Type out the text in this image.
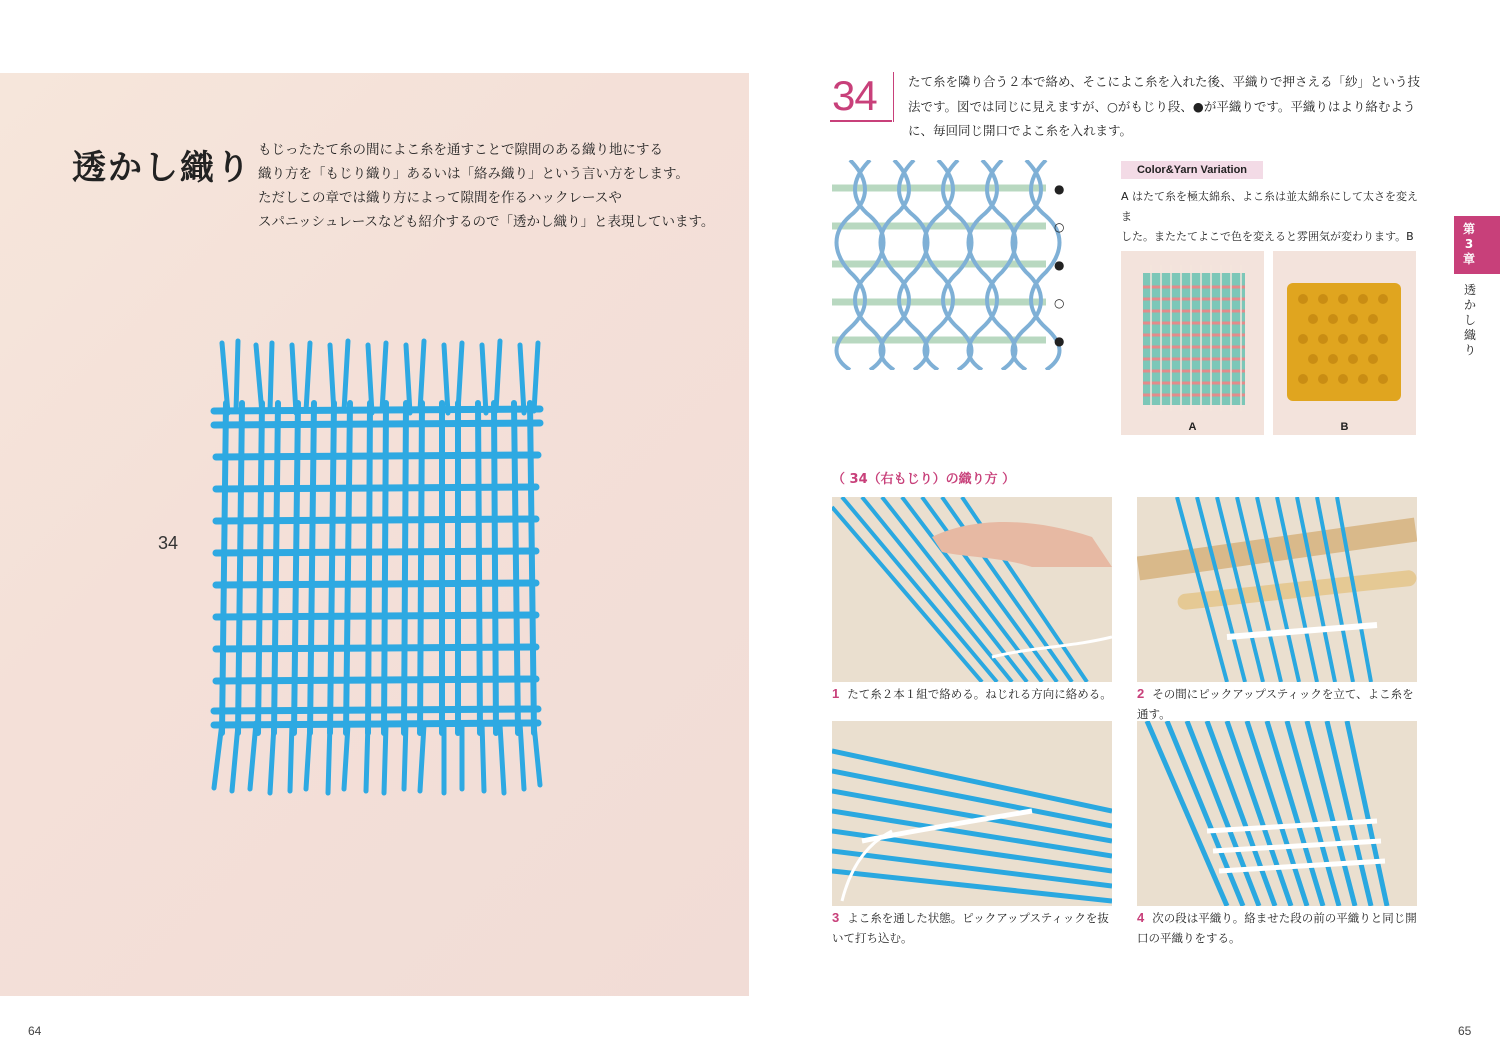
透かし織り もじったたて糸の間によこ糸を通すことで隙間のある織り地にする
織り方を「もじり織り」あるいは「絡み織り」という言い方をします。
ただしこの章では織り方によって隙間を作るハックレースや
スパニッシュレースなども紹介するので「透かし織り」と表現しています。
34
64
34	たて糸を隣り合う２本で絡め、そこによこ糸を入れた後、平織りで押さえる「紗」という技
法です。図では同じに見えますが、○がもじり段、●が平織りです。平織りはより絡むよう
に、毎回同じ開口でよこ糸を入れます。
●
○
●
○
●
Color&Yarn Variation
A はたて糸を極太綿糸、よこ糸は並太綿糸にして太さを変えま
した。またたてよこで色を変えると雰囲気が変わります。B
A	B
第3章
透かし織り
（ 34（右もじり）の織り方 ）
1 たて糸２本１組で絡める。ねじれる方向に絡める。 2 その間にピックアップスティックを立て、よこ糸を通す。
3 よこ糸を通した状態。ピックアップスティックを抜いて打ち込む。
4 次の段は平織り。絡ませた段の前の平織りと同じ開口の平織りをする。
65
